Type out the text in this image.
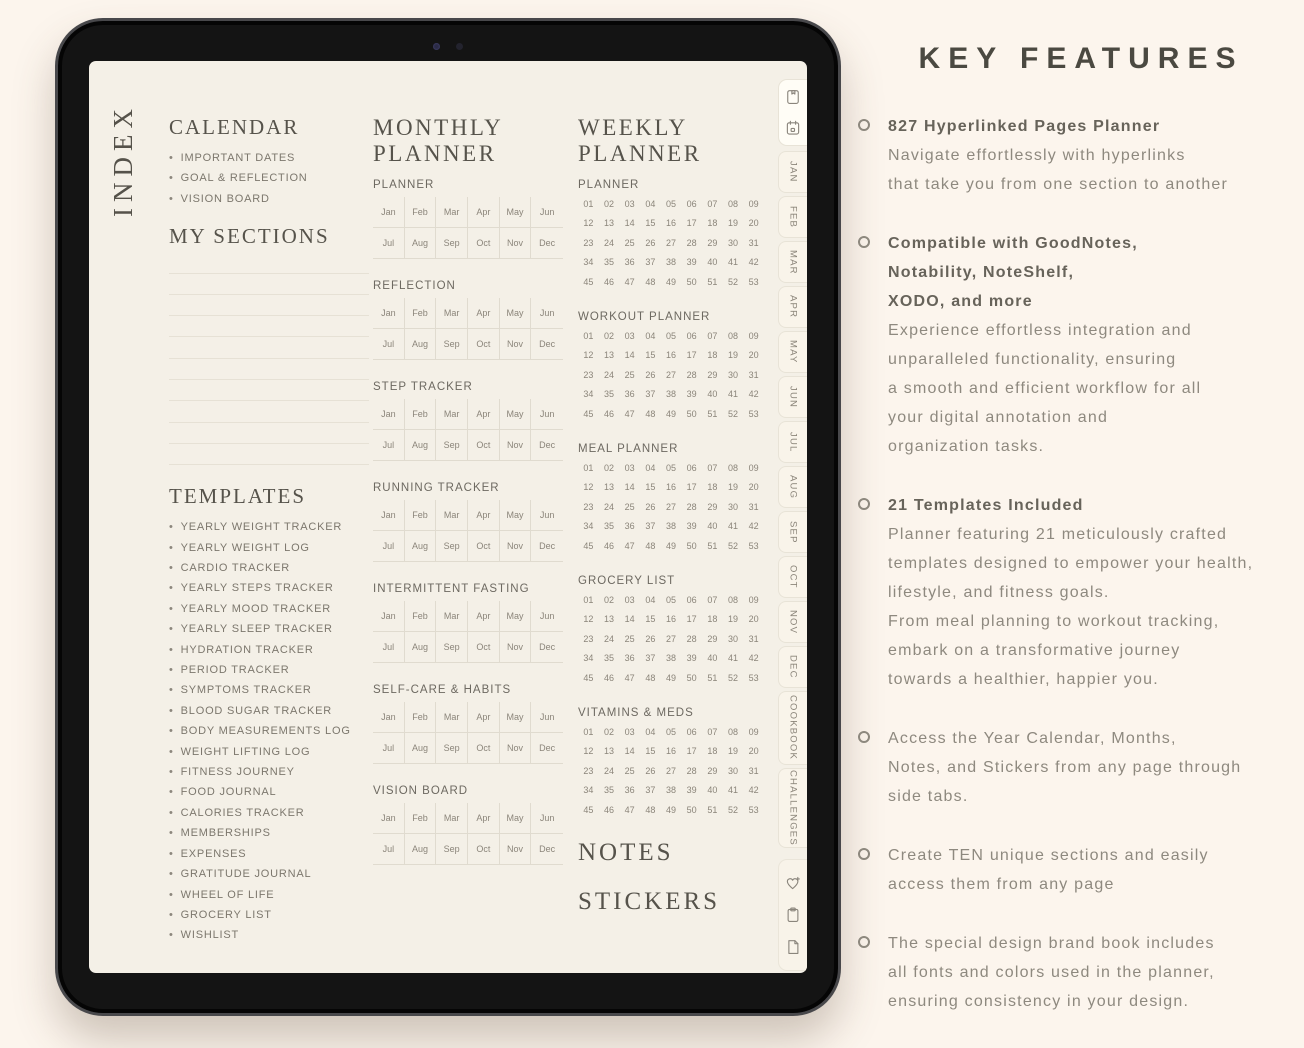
INDEX CALENDAR
• IMPORTANT DATES
• GOAL & REFLECTION
• VISION BOARD
MY SECTIONS
TEMPLATES
• YEARLY WEIGHT TRACKER
• YEARLY WEIGHT LOG
• CARDIO TRACKER
• YEARLY STEPS TRACKER
• YEARLY MOOD TRACKER
• YEARLY SLEEP TRACKER
• HYDRATION TRACKER
• PERIOD TRACKER
• SYMPTOMS TRACKER
• BLOOD SUGAR TRACKER
• BODY MEASUREMENTS LOG
• WEIGHT LIFTING LOG
• FITNESS JOURNEY
• FOOD JOURNAL
• CALORIES TRACKER
• MEMBERSHIPS
• EXPENSES
• GRATITUDE JOURNAL
• WHEEL OF LIFE
• GROCERY LIST
• WISHLIST
MONTHLY
PLANNER
PLANNER
Jan	Feb	Mar	Apr	May	Jun
Jul	Aug	Sep	Oct	Nov	Dec
REFLECTION
Jan	Feb	Mar	Apr	May	Jun
Jul	Aug	Sep	Oct	Nov	Dec
STEP TRACKER
Jan	Feb	Mar	Apr	May	Jun
Jul	Aug	Sep	Oct	Nov	Dec
RUNNING TRACKER
Jan	Feb	Mar	Apr	May	Jun
Jul	Aug	Sep	Oct	Nov	Dec
INTERMITTENT FASTING
Jan	Feb	Mar	Apr	May	Jun
Jul	Aug	Sep	Oct	Nov	Dec
SELF-CARE & HABITS
Jan	Feb	Mar	Apr	May	Jun
Jul	Aug	Sep	Oct	Nov	Dec
VISION BOARD
Jan	Feb	Mar	Apr	May	Jun
Jul	Aug	Sep	Oct	Nov	Dec
WEEKLY
PLANNER
PLANNER
01	02	03	04	05	06	07	08	09
12	13	14	15	16	17	18	19	20
23	24	25	26	27	28	29	30	31
34	35	36	37	38	39	40	41	42
45	46	47	48	49	50	51	52	53
WORKOUT PLANNER
01	02	03	04	05	06	07	08	09
12	13	14	15	16	17	18	19	20
23	24	25	26	27	28	29	30	31
34	35	36	37	38	39	40	41	42
45	46	47	48	49	50	51	52	53
MEAL PLANNER
01	02	03	04	05	06	07	08	09
12	13	14	15	16	17	18	19	20
23	24	25	26	27	28	29	30	31
34	35	36	37	38	39	40	41	42
45	46	47	48	49	50	51	52	53
GROCERY LIST
01	02	03	04	05	06	07	08	09
12	13	14	15	16	17	18	19	20
23	24	25	26	27	28	29	30	31
34	35	36	37	38	39	40	41	42
45	46	47	48	49	50	51	52	53
VITAMINS & MEDS
01	02	03	04	05	06	07	08	09
12	13	14	15	16	17	18	19	20
23	24	25	26	27	28	29	30	31
34	35	36	37	38	39	40	41	42
45	46	47	48	49	50	51	52	53
NOTES
STICKERS
JAN
FEB
MAR
APR
MAY
JUN
JUL
AUG
SEP
OCT
NOV
DEC
COOKBOOK
CHALLENGES
KEY FEATURES
827 Hyperlinked Pages Planner
Navigate effortlessly with hyperlinks
that take you from one section to another
Compatible with GoodNotes,
Notability, NoteShelf,
XODO, and more
Experience effortless integration and
unparalleled functionality, ensuring
a smooth and efficient workflow for all
your digital annotation and
organization tasks.
21 Templates Included
Planner featuring 21 meticulously crafted
templates designed to empower your health,
lifestyle, and fitness goals.
From meal planning to workout tracking,
embark on a transformative journey
towards a healthier, happier you.
Access the Year Calendar, Months,
Notes, and Stickers from any page through
side tabs.
Create TEN unique sections and easily
access them from any page
The special design brand book includes
all fonts and colors used in the planner,
ensuring consistency in your design.
